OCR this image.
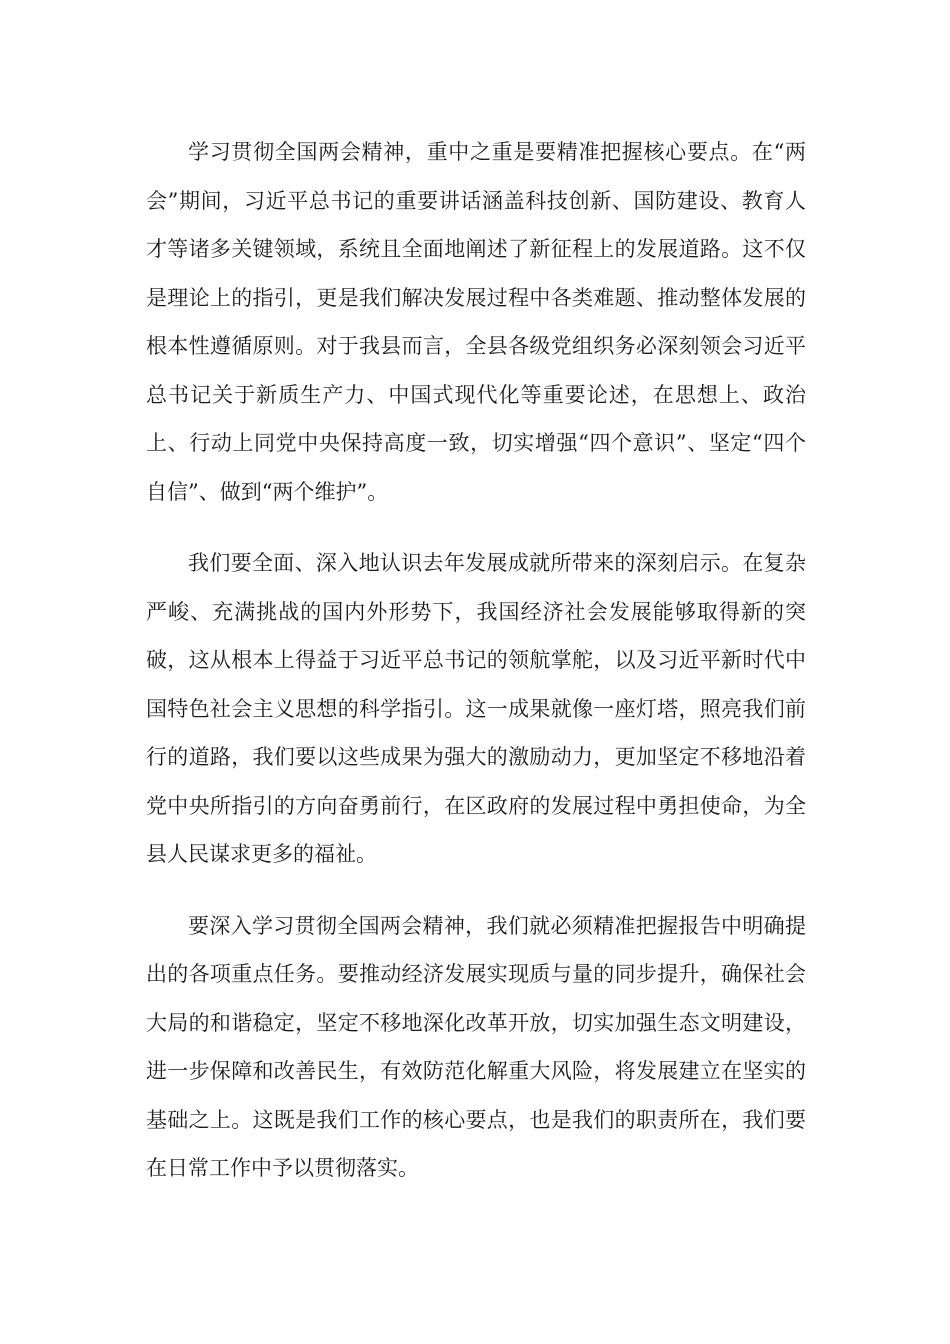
学习贯彻全国两会精神，重中之重是要精准把握核心要点。在“两会”期间，习近平总书记的重要讲话涵盖科技创新、国防建设、教育人才等诸多关键领域，系统且全面地阐述了新征程上的发展道路。这不仅是理论上的指引，更是我们解决发展过程中各类难题、推动整体发展的根本性遵循原则。对于我县而言，全县各级党组织务必深刻领会习近平总书记关于新质生产力、中国式现代化等重要论述，在思想上、政治上、行动上同党中央保持高度一致，切实增强“四个意识”、坚定“四个自信”、做到“两个维护”。

我们要全面、深入地认识去年发展成就所带来的深刻启示。在复杂严峻、充满挑战的国内外形势下，我国经济社会发展能够取得新的突破，这从根本上得益于习近平总书记的领航掌舵，以及习近平新时代中国特色社会主义思想的科学指引。这一成果就像一座灯塔，照亮我们前行的道路，我们要以这些成果为强大的激励动力，更加坚定不移地沿着党中央所指引的方向奋勇前行，在区政府的发展过程中勇担使命，为全县人民谋求更多的福祉。

要深入学习贯彻全国两会精神，我们就必须精准把握报告中明确提出的各项重点任务。要推动经济发展实现质与量的同步提升，确保社会大局的和谐稳定，坚定不移地深化改革开放，切实加强生态文明建设，进一步保障和改善民生，有效防范化解重大风险，将发展建立在坚实的基础之上。这既是我们工作的核心要点，也是我们的职责所在，我们要在日常工作中予以贯彻落实。
